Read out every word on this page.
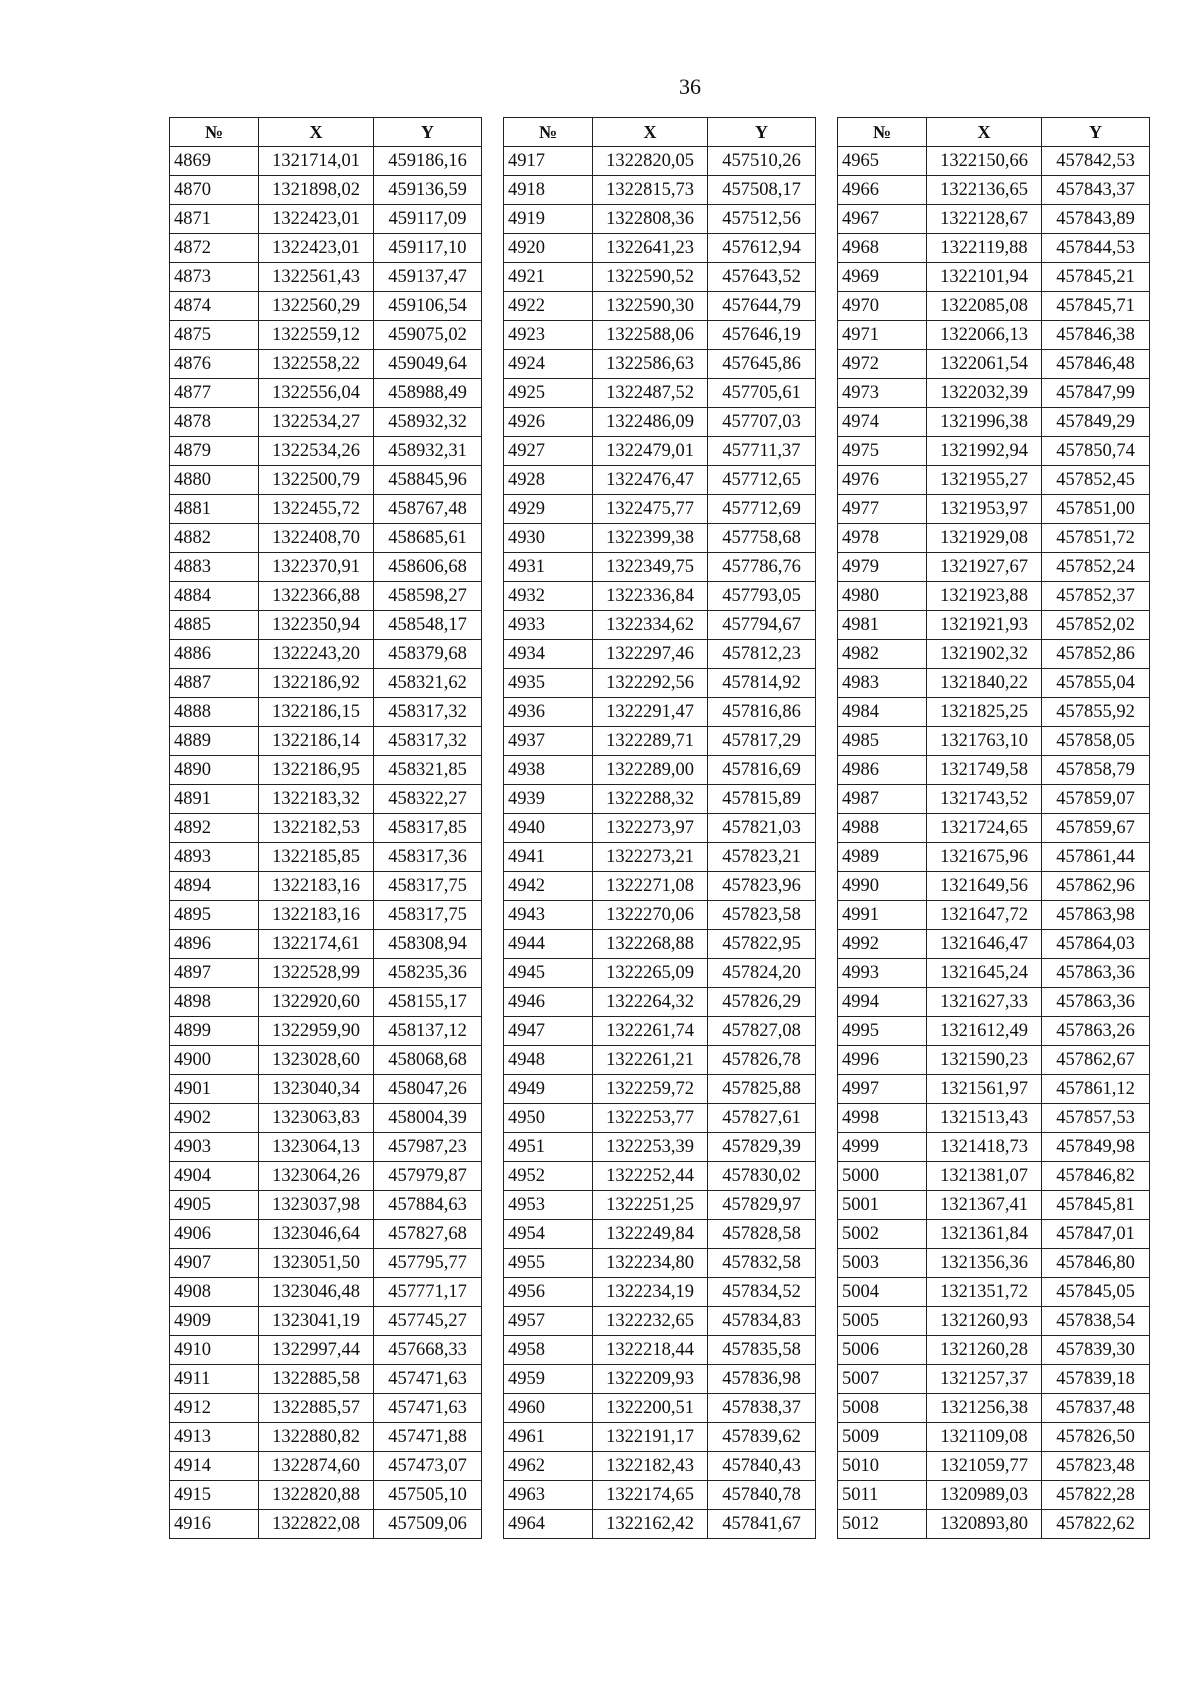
36
№	X	Y
4869	1321714,01	459186,16
4870	1321898,02	459136,59
4871	1322423,01	459117,09
4872	1322423,01	459117,10
4873	1322561,43	459137,47
4874	1322560,29	459106,54
4875	1322559,12	459075,02
4876	1322558,22	459049,64
4877	1322556,04	458988,49
4878	1322534,27	458932,32
4879	1322534,26	458932,31
4880	1322500,79	458845,96
4881	1322455,72	458767,48
4882	1322408,70	458685,61
4883	1322370,91	458606,68
4884	1322366,88	458598,27
4885	1322350,94	458548,17
4886	1322243,20	458379,68
4887	1322186,92	458321,62
4888	1322186,15	458317,32
4889	1322186,14	458317,32
4890	1322186,95	458321,85
4891	1322183,32	458322,27
4892	1322182,53	458317,85
4893	1322185,85	458317,36
4894	1322183,16	458317,75
4895	1322183,16	458317,75
4896	1322174,61	458308,94
4897	1322528,99	458235,36
4898	1322920,60	458155,17
4899	1322959,90	458137,12
4900	1323028,60	458068,68
4901	1323040,34	458047,26
4902	1323063,83	458004,39
4903	1323064,13	457987,23
4904	1323064,26	457979,87
4905	1323037,98	457884,63
4906	1323046,64	457827,68
4907	1323051,50	457795,77
4908	1323046,48	457771,17
4909	1323041,19	457745,27
4910	1322997,44	457668,33
4911	1322885,58	457471,63
4912	1322885,57	457471,63
4913	1322880,82	457471,88
4914	1322874,60	457473,07
4915	1322820,88	457505,10
4916	1322822,08	457509,06
№	X	Y
4917	1322820,05	457510,26
4918	1322815,73	457508,17
4919	1322808,36	457512,56
4920	1322641,23	457612,94
4921	1322590,52	457643,52
4922	1322590,30	457644,79
4923	1322588,06	457646,19
4924	1322586,63	457645,86
4925	1322487,52	457705,61
4926	1322486,09	457707,03
4927	1322479,01	457711,37
4928	1322476,47	457712,65
4929	1322475,77	457712,69
4930	1322399,38	457758,68
4931	1322349,75	457786,76
4932	1322336,84	457793,05
4933	1322334,62	457794,67
4934	1322297,46	457812,23
4935	1322292,56	457814,92
4936	1322291,47	457816,86
4937	1322289,71	457817,29
4938	1322289,00	457816,69
4939	1322288,32	457815,89
4940	1322273,97	457821,03
4941	1322273,21	457823,21
4942	1322271,08	457823,96
4943	1322270,06	457823,58
4944	1322268,88	457822,95
4945	1322265,09	457824,20
4946	1322264,32	457826,29
4947	1322261,74	457827,08
4948	1322261,21	457826,78
4949	1322259,72	457825,88
4950	1322253,77	457827,61
4951	1322253,39	457829,39
4952	1322252,44	457830,02
4953	1322251,25	457829,97
4954	1322249,84	457828,58
4955	1322234,80	457832,58
4956	1322234,19	457834,52
4957	1322232,65	457834,83
4958	1322218,44	457835,58
4959	1322209,93	457836,98
4960	1322200,51	457838,37
4961	1322191,17	457839,62
4962	1322182,43	457840,43
4963	1322174,65	457840,78
4964	1322162,42	457841,67
№	X	Y
4965	1322150,66	457842,53
4966	1322136,65	457843,37
4967	1322128,67	457843,89
4968	1322119,88	457844,53
4969	1322101,94	457845,21
4970	1322085,08	457845,71
4971	1322066,13	457846,38
4972	1322061,54	457846,48
4973	1322032,39	457847,99
4974	1321996,38	457849,29
4975	1321992,94	457850,74
4976	1321955,27	457852,45
4977	1321953,97	457851,00
4978	1321929,08	457851,72
4979	1321927,67	457852,24
4980	1321923,88	457852,37
4981	1321921,93	457852,02
4982	1321902,32	457852,86
4983	1321840,22	457855,04
4984	1321825,25	457855,92
4985	1321763,10	457858,05
4986	1321749,58	457858,79
4987	1321743,52	457859,07
4988	1321724,65	457859,67
4989	1321675,96	457861,44
4990	1321649,56	457862,96
4991	1321647,72	457863,98
4992	1321646,47	457864,03
4993	1321645,24	457863,36
4994	1321627,33	457863,36
4995	1321612,49	457863,26
4996	1321590,23	457862,67
4997	1321561,97	457861,12
4998	1321513,43	457857,53
4999	1321418,73	457849,98
5000	1321381,07	457846,82
5001	1321367,41	457845,81
5002	1321361,84	457847,01
5003	1321356,36	457846,80
5004	1321351,72	457845,05
5005	1321260,93	457838,54
5006	1321260,28	457839,30
5007	1321257,37	457839,18
5008	1321256,38	457837,48
5009	1321109,08	457826,50
5010	1321059,77	457823,48
5011	1320989,03	457822,28
5012	1320893,80	457822,62
